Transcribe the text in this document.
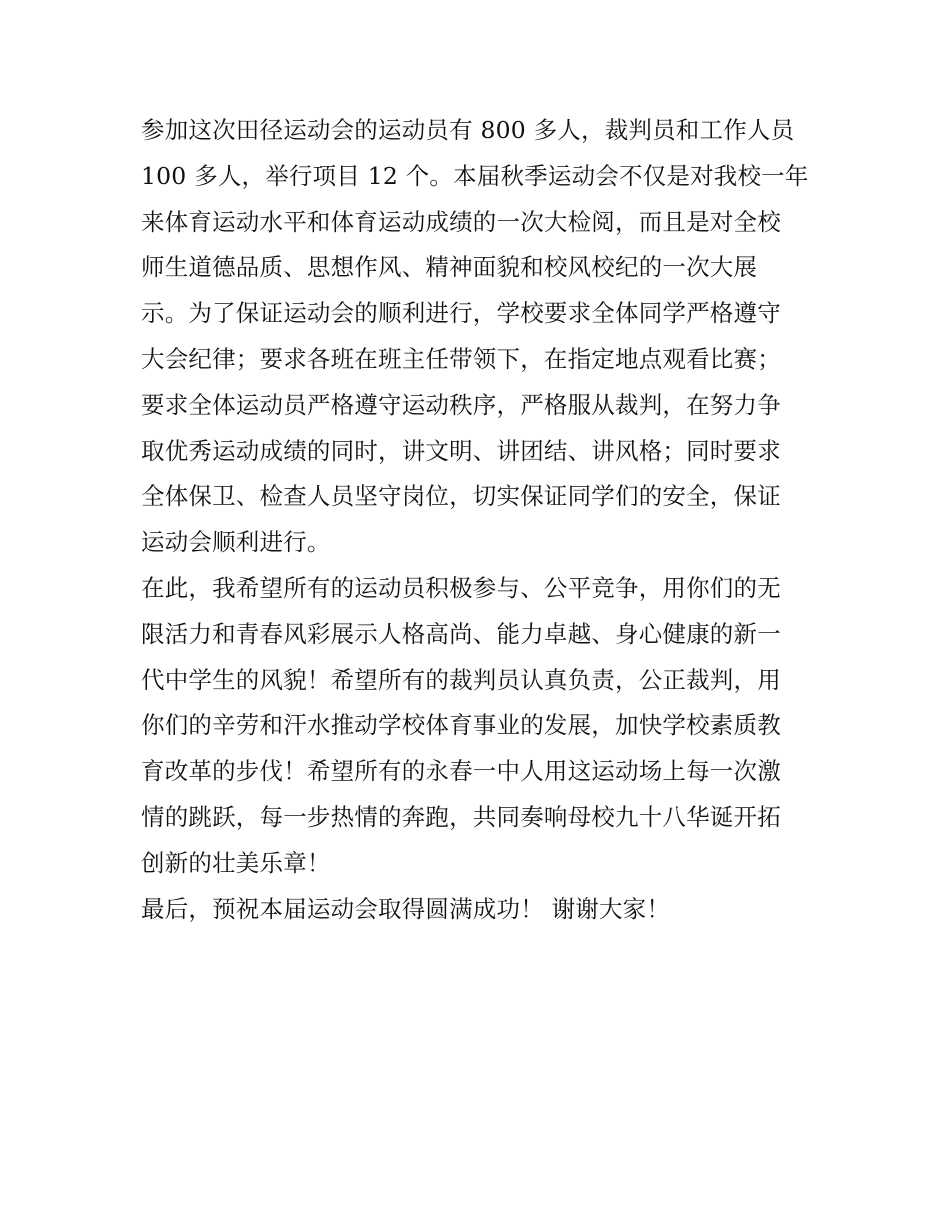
参加这次田径运动会的运动员有 800 多人，裁判员和工作人员
100 多人，举行项目 12 个。本届秋季运动会不仅是对我校一年
来体育运动水平和体育运动成绩的一次大检阅，而且是对全校
师生道德品质、思想作风、精神面貌和校风校纪的一次大展
示。为了保证运动会的顺利进行，学校要求全体同学严格遵守
大会纪律；要求各班在班主任带领下，在指定地点观看比赛；
要求全体运动员严格遵守运动秩序，严格服从裁判，在努力争
取优秀运动成绩的同时，讲文明、讲团结、讲风格；同时要求
全体保卫、检查人员坚守岗位，切实保证同学们的安全，保证
运动会顺利进行。
在此，我希望所有的运动员积极参与、公平竞争，用你们的无
限活力和青春风彩展示人格高尚、能力卓越、身心健康的新一
代中学生的风貌！希望所有的裁判员认真负责，公正裁判，用
你们的辛劳和汗水推动学校体育事业的发展，加快学校素质教
育改革的步伐！希望所有的永春一中人用这运动场上每一次激
情的跳跃，每一步热情的奔跑，共同奏响母校九十八华诞开拓
创新的壮美乐章！
最后，预祝本届运动会取得圆满成功！ 谢谢大家！
